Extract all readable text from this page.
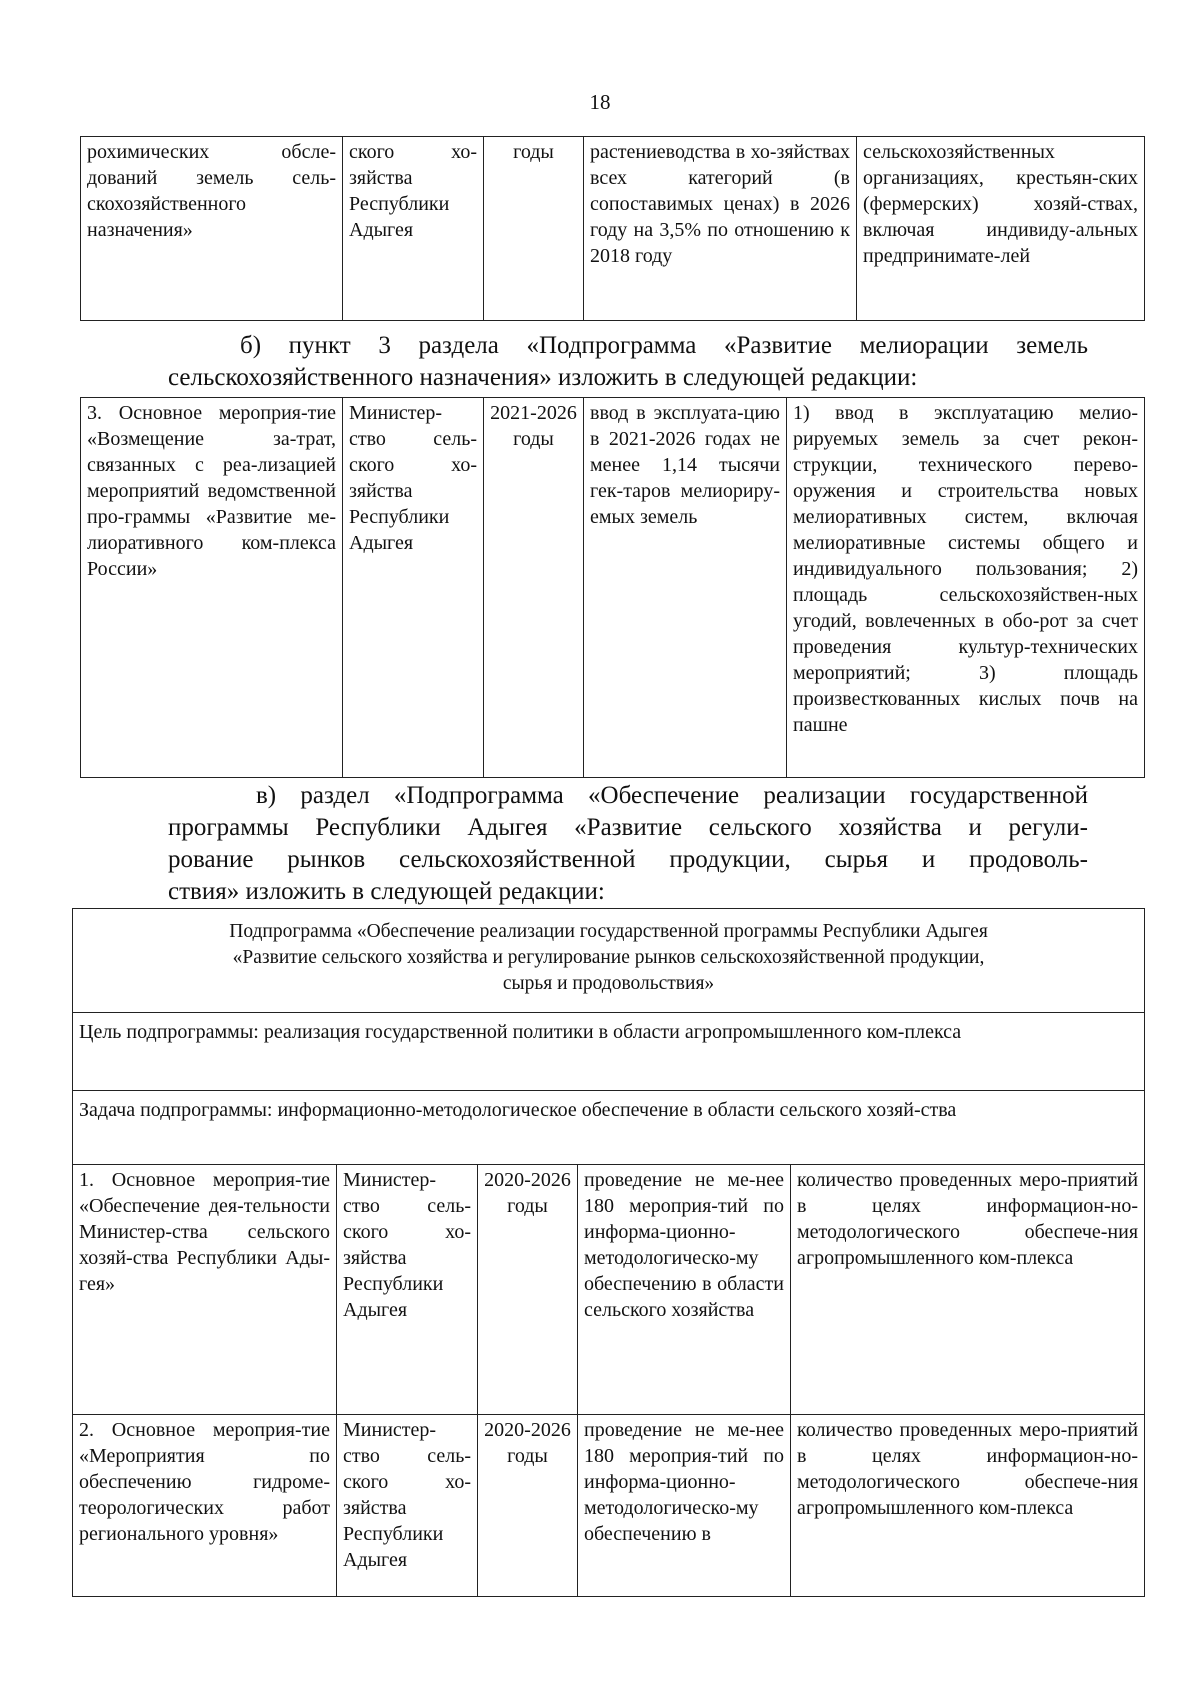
18
рохимических обсле-дований земель сель-скохозяйственного назначения»	ского хо-зяйства Республики Адыгея	годы	растениеводства в хо-зяйствах всех категорий (в сопоставимых ценах) в 2026 году на 3,5% по отношению к 2018 году	сельскохозяйственных организациях, крестьян-ских (фермерских) хозяй-ствах, включая индивиду-альных предпринимате-лей
б) пункт 3 раздела «Подпрограмма «Развитие мелиорации земель
сельскохозяйственного назначения» изложить в следующей редакции:
3. Основное мероприя-тие «Возмещение за-трат, связанных с реа-лизацией мероприятий ведомственной про-граммы «Развитие ме-лиоративного ком-плекса России»	Министер-ство сель-ского хо-зяйства Республики Адыгея	2021-2026 годы	ввод в эксплуата-цию в 2021-2026 годах не менее 1,14 тысячи гек-таров мелиориру-емых земель	1) ввод в эксплуатацию мелио-рируемых земель за счет рекон-струкции, технического перево-оружения и строительства новых мелиоративных систем, включая мелиоративные системы общего и индивидуального пользования; 2) площадь сельскохозяйствен-ных угодий, вовлеченных в обо-рот за счет проведения культур-технических мероприятий; 3) площадь произвесткованных кислых почв на пашне
в) раздел «Подпрограмма «Обеспечение реализации государственной
программы Республики Адыгея «Развитие сельского хозяйства и регули-
рование рынков сельскохозяйственной продукции, сырья и продоволь-
ствия» изложить в следующей редакции:
Подпрограмма «Обеспечение реализации государственной программы Республики Адыгея
«Развитие сельского хозяйства и регулирование рынков сельскохозяйственной продукции,
сырья и продовольствия»				

Цель подпрограммы: реализация государственной политики в области агропромышленного ком-плекса				
Задача подпрограммы: информационно-методологическое обеспечение в области сельского хозяй-ства				
1. Основное мероприя-тие «Обеспечение дея-тельности Министер-ства сельского хозяй-ства Республики Ады-гея»	Министер-ство сель-ского хо-зяйства Республики Адыгея	2020-2026 годы	проведение не ме-нее 180 мероприя-тий по информа-ционно-методологическо-му обеспечению в области сельского хозяйства	количество проведенных меро-приятий в целях информацион-но-методологического обеспече-ния агропромышленного ком-плекса
2. Основное мероприя-тие «Мероприятия по обеспечению гидроме-теорологических работ регионального уровня»	Министер-ство сель-ского хо-зяйства Республики Адыгея	2020-2026 годы	проведение не ме-нее 180 мероприя-тий по информа-ционно-методологическо-му обеспечению в	количество проведенных меро-приятий в целях информацион-но-методологического обеспече-ния агропромышленного ком-плекса
